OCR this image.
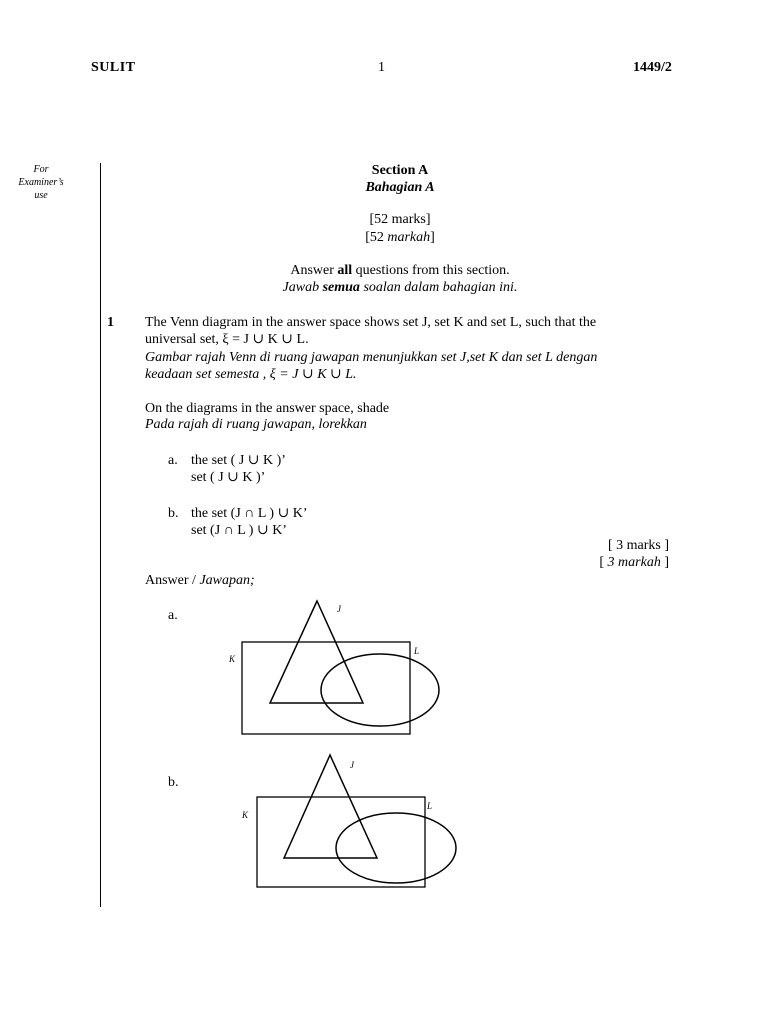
SULIT	1	1449/2
For
Examiner’s
use
Section A
Bahagian A
[52 marks]
[52 markah]
Answer all questions from this section.
Jawab semua soalan dalam bahagian ini.
1 The Venn diagram in the answer space shows set J, set K and set L, such that the
universal set, ξ = J ∪ K ∪ L.
Gambar rajah Venn di ruang jawapan menunjukkan set J,set K dan set L dengan
keadaan set semesta , ξ = J ∪ K ∪ L.
On the diagrams in the answer space, shade
Pada rajah di ruang jawapan, lorekkan
a. the set ( J ∪ K )’
set ( J ∪ K )’
b. the set (J ∩ L ) ∪ K’
set (J ∩ L ) ∪ K’
[ 3 marks ]
[ 3 markah ]
Answer / Jawapan;
a.	J
K
L
b.
J
K
L
